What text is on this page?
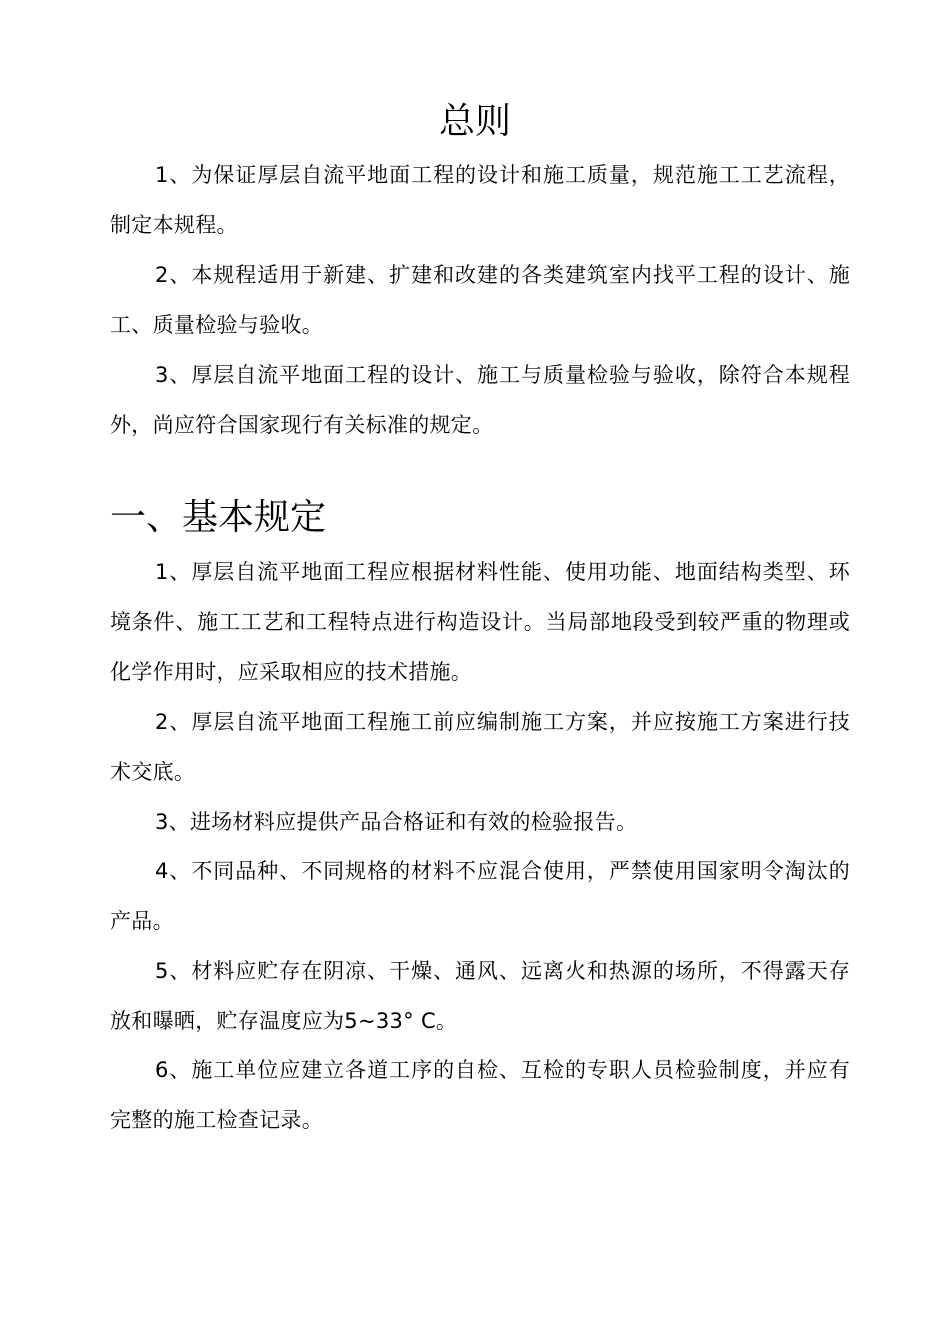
总则

1、为保证厚层自流平地面工程的设计和施工质量，规范施工工艺流程，制定本规程。

2、本规程适用于新建、扩建和改建的各类建筑室内找平工程的设计、施工、质量检验与验收。

3、厚层自流平地面工程的设计、施工与质量检验与验收，除符合本规程外，尚应符合国家现行有关标准的规定。

一、基本规定

1、厚层自流平地面工程应根据材料性能、使用功能、地面结构类型、环境条件、施工工艺和工程特点进行构造设计。当局部地段受到较严重的物理或化学作用时，应采取相应的技术措施。

2、厚层自流平地面工程施工前应编制施工方案，并应按施工方案进行技术交底。

3、进场材料应提供产品合格证和有效的检验报告。

4、不同品种、不同规格的材料不应混合使用，严禁使用国家明令淘汰的产品。

5、材料应贮存在阴凉、干燥、通风、远离火和热源的场所，不得露天存放和曝晒，贮存温度应为5~33° C。

6、施工单位应建立各道工序的自检、互检的专职人员检验制度，并应有完整的施工检查记录。
